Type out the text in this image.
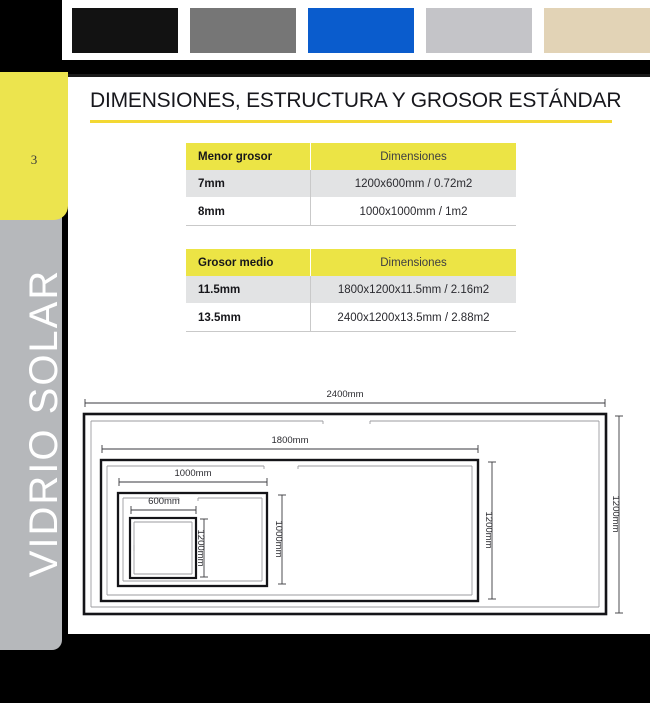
3
VIDRIO SOLAR
DIMENSIONES, ESTRUCTURA Y GROSOR ESTÁNDAR
Menor grosor	Dimensiones
7mm	1200x600mm / 0.72m2
8mm	1000x1000mm / 1m2
Grosor medio	Dimensiones
11.5mm	1800x1200x11.5mm / 2.16m2
13.5mm	2400x1200x13.5mm / 2.88m2
2400mm
1200mm
1800mm
1200mm
1000mm
1000mm
600mm
1200mm
